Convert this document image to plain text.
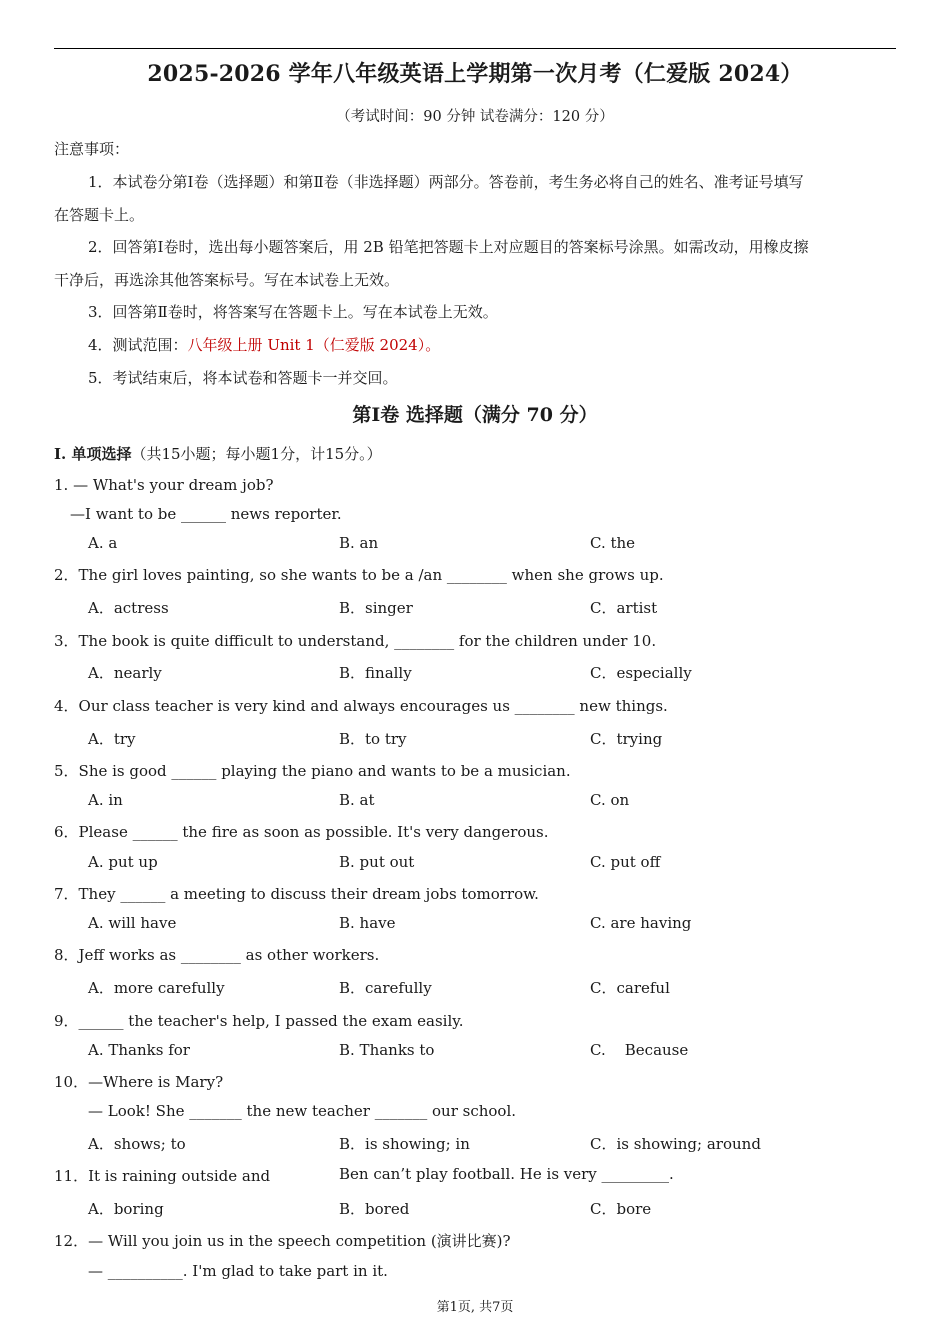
2025-2026 学年八年级英语上学期第一次月考（仁爱版 2024）
（考试时间：90 分钟 试卷满分：120 分）
注意事项：
1．本试卷分第Ⅰ卷（选择题）和第Ⅱ卷（非选择题）两部分。答卷前，考生务必将自己的姓名、准考证号填写
在答题卡上。
2．回答第Ⅰ卷时，选出每小题答案后，用 2B 铅笔把答题卡上对应题目的答案标号涂黑。如需改动，用橡皮擦
干净后，再选涂其他答案标号。写在本试卷上无效。
3．回答第Ⅱ卷时，将答案写在答题卡上。写在本试卷上无效。
4．测试范围：八年级上册 Unit 1（仁爱版 2024）。
5．考试结束后，将本试卷和答题卡一并交回。
第Ⅰ卷 选择题（满分 70 分）
I. 单项选择（共15小题；每小题1分，计15分。）
1. — What's your dream job?
—I want to be ______ news reporter.
A. a	B. an	C. the
2．The girl loves painting, so she wants to be a /an ________ when she grows up.
A．actress	B．singer	C．artist
3．The book is quite difficult to understand, ________ for the children under 10.
A．nearly	B．finally	C．especially
4．Our class teacher is very kind and always encourages us ________ new things.
A．try	B．to try	C．trying
5．She is good ______ playing the piano and wants to be a musician.
A. in	B. at	C. on
6．Please ______ the fire as soon as possible. It's very dangerous.
A. put up	B. put out	C. put off
7．They ______ a meeting to discuss their dream jobs tomorrow.
A. will have	B. have	C. are having
8．Jeff works as ________ as other workers.
A．more carefully	B．carefully	C．careful
9．______ the teacher's help, I passed the exam easily.
A. Thanks for	B. Thanks to	C.    Because
10．—Where is Mary?
— Look! She _______ the new teacher _______ our school.
A．shows; to	B．is showing; in	C．is showing; around
11．It is raining outside and	Ben can’t play football. He is very _________.
A．boring	B．bored	C．bore
12．— Will you join us in the speech competition (演讲比赛)?
— __________. I'm glad to take part in it.
第1页, 共7页
